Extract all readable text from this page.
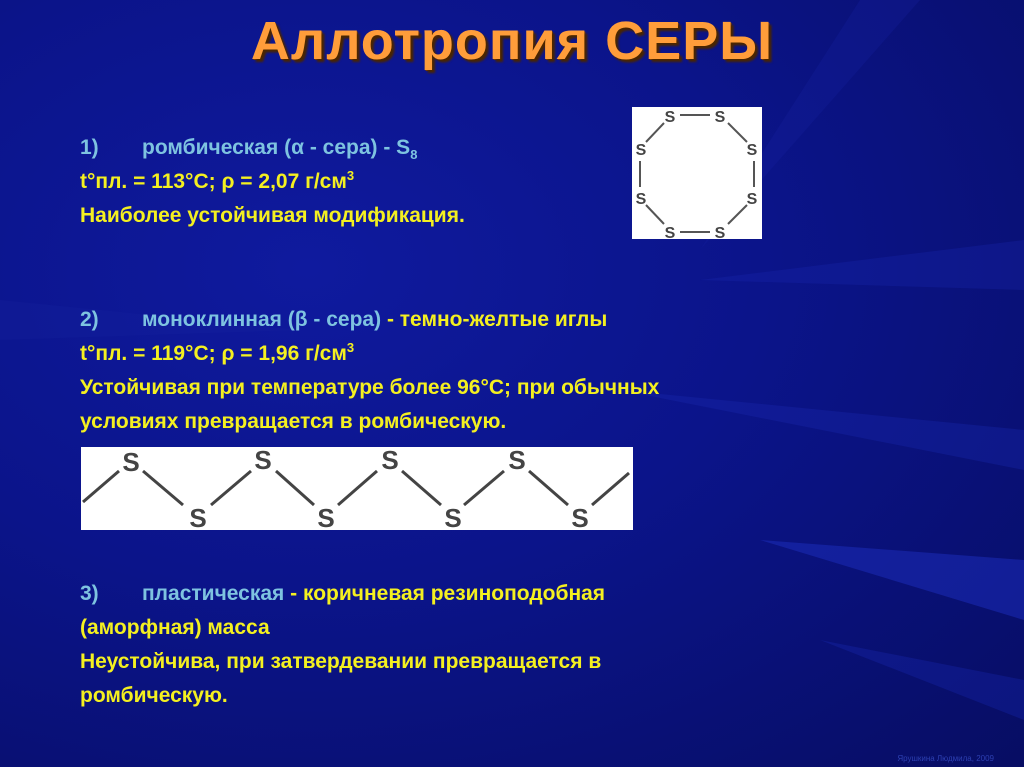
Аллотропия СЕРЫ
1) ромбическая (α - сера) - $S_8$
t°пл. = 113°С; ρ = 2,07 $г/см^3$
Наиболее устойчивая модификация.
S S
S
S
S
S
S
S
2) моноклинная (β - сера) - темно-желтые иглы
t°пл. = 119°С; ρ = 1,96 $г/см^3$
Устойчивая при температуре более 96°С; при обычных
условиях превращается в ромбическую.
S
S
S
S
S
S
S
S
3) пластическая - коричневая резиноподобная
(аморфная) масса
Неустойчива, при затвердевании превращается в
ромбическую.
Ярушкина Людмила, 2009
